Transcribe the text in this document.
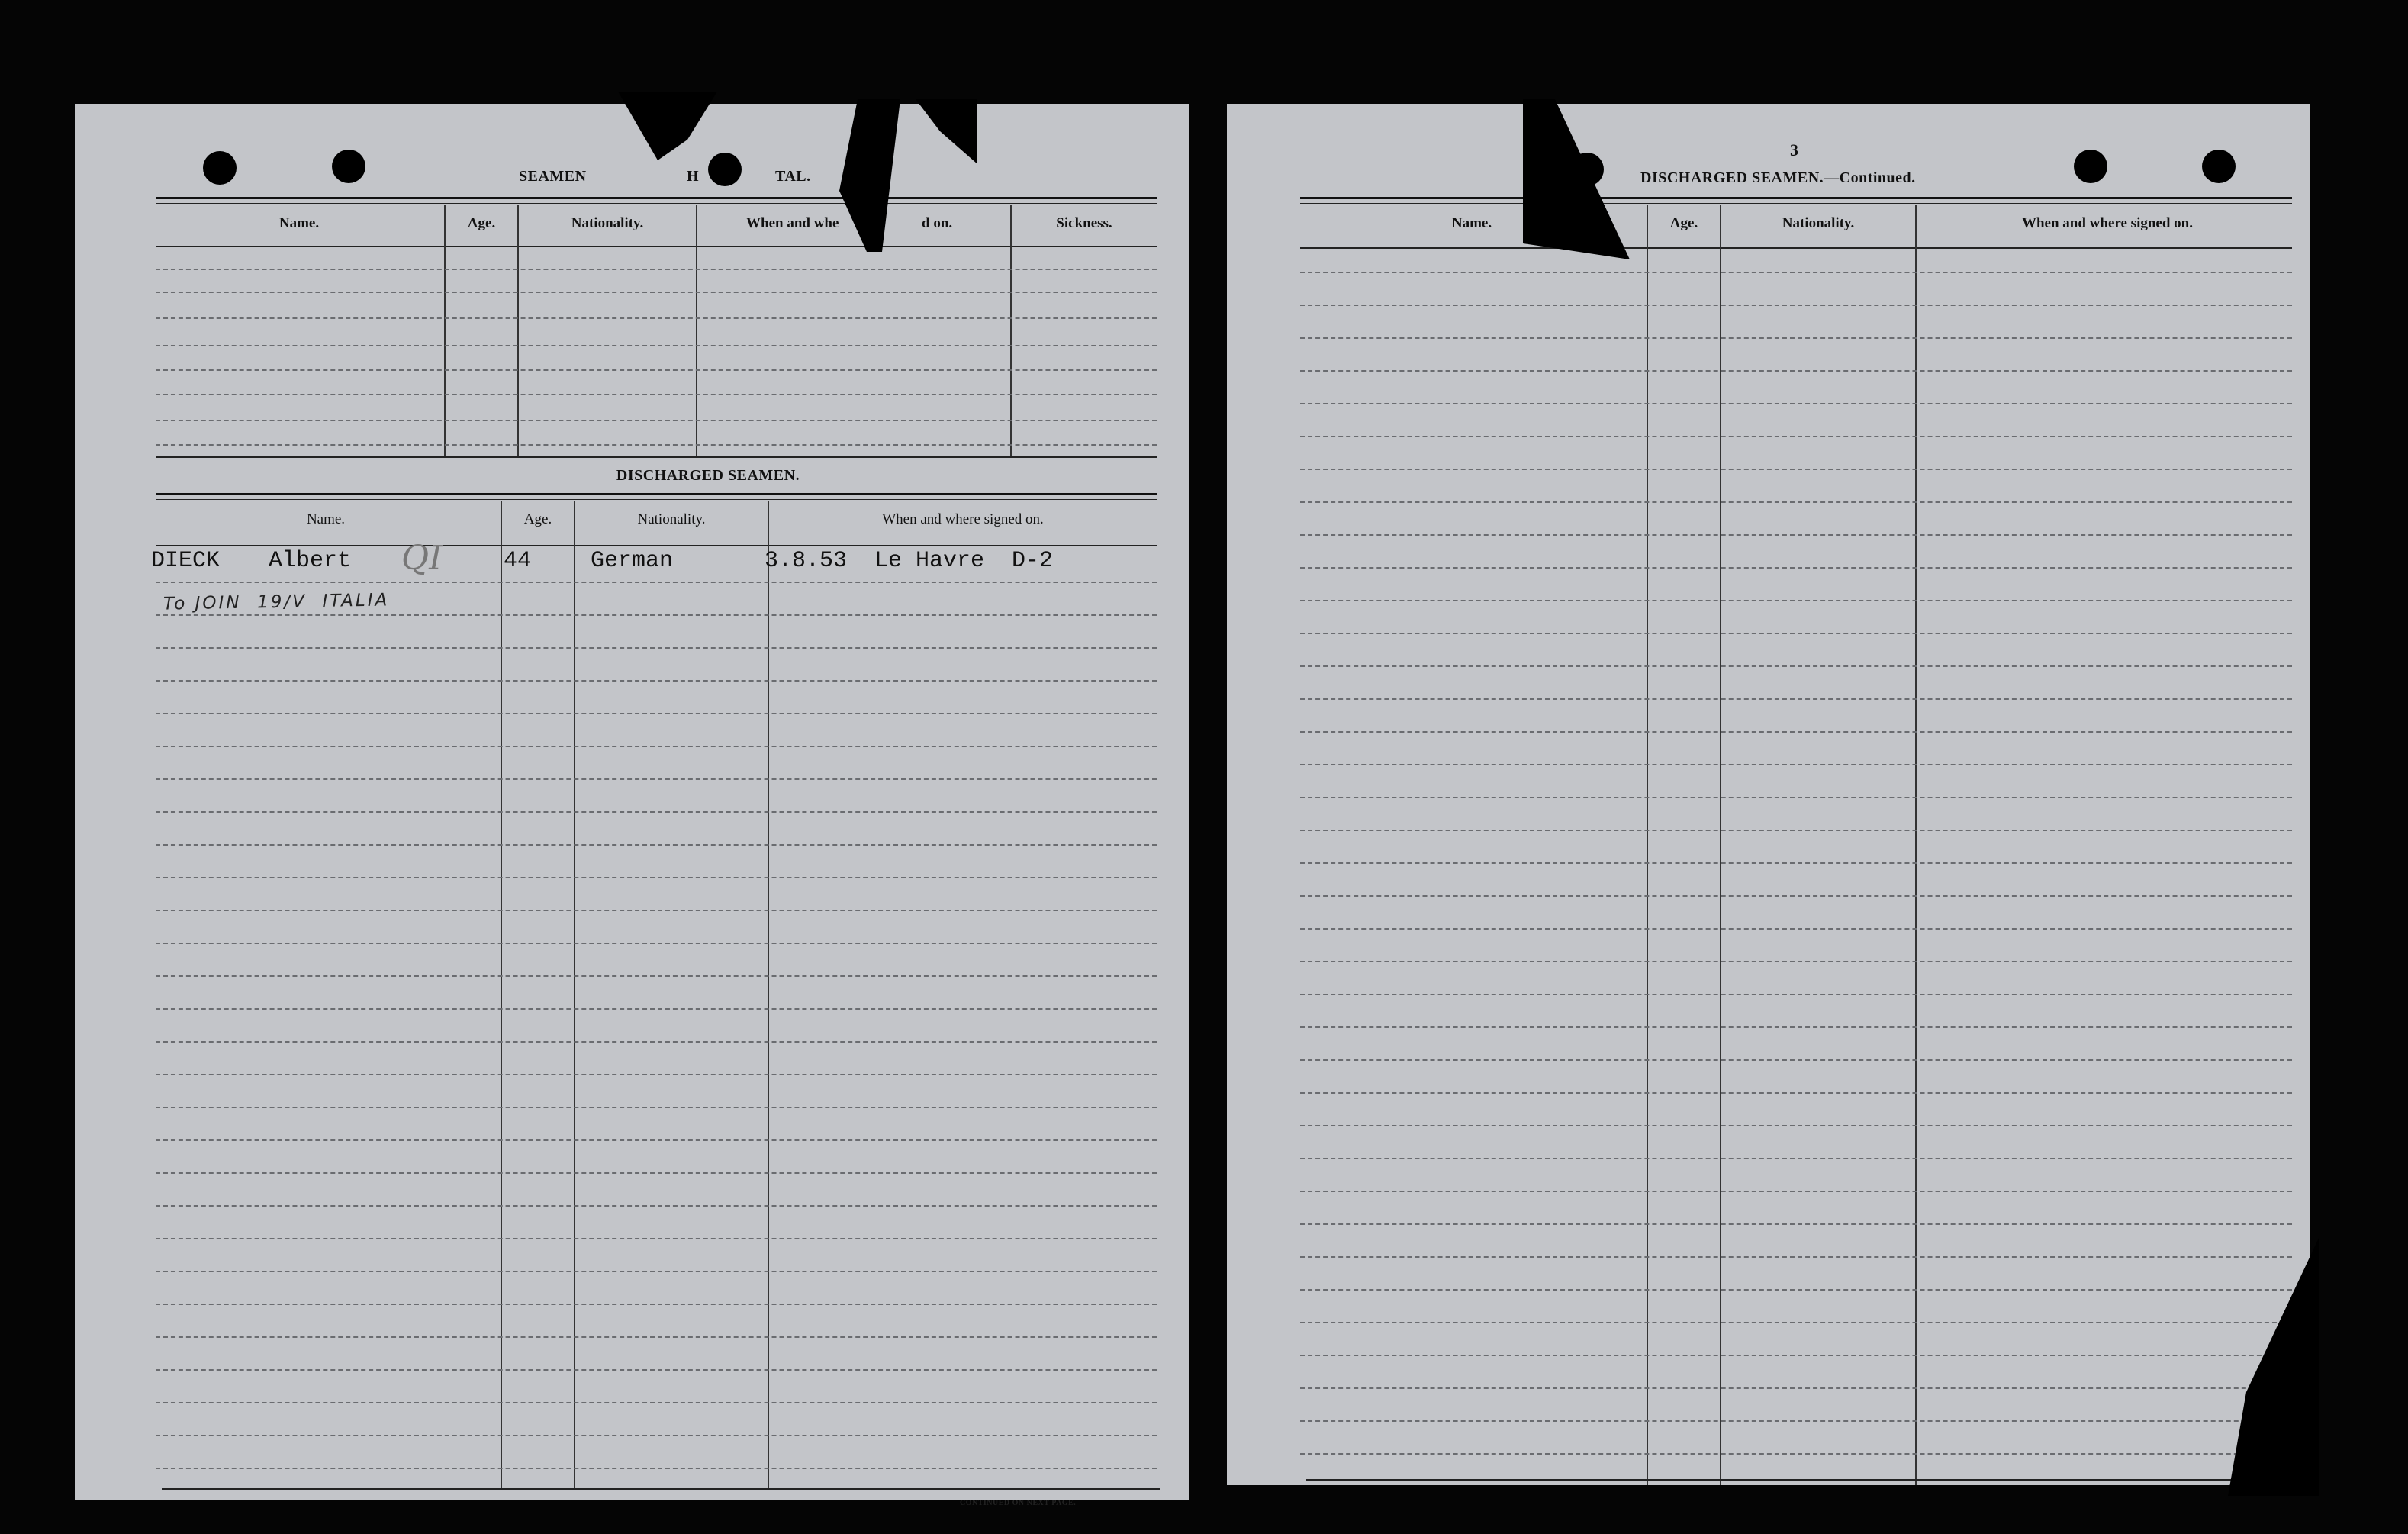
SEAMEN	H	TAL.
Name.	Age.	Nationality.	When and whe	d on.	Sickness.
DISCHARGED SEAMEN.
Name.	Age.	Nationality.	When and where signed on.
DIECK Albert QI	44	German	3.8.53  Le Havre  D-2
To JOIN  19/V  ITALIA
CONTINUED ON NEXT PAGE.
3
DISCHARGED SEAMEN.—Continued.
Name.	Age.	Nationality.	When and where signed on.
